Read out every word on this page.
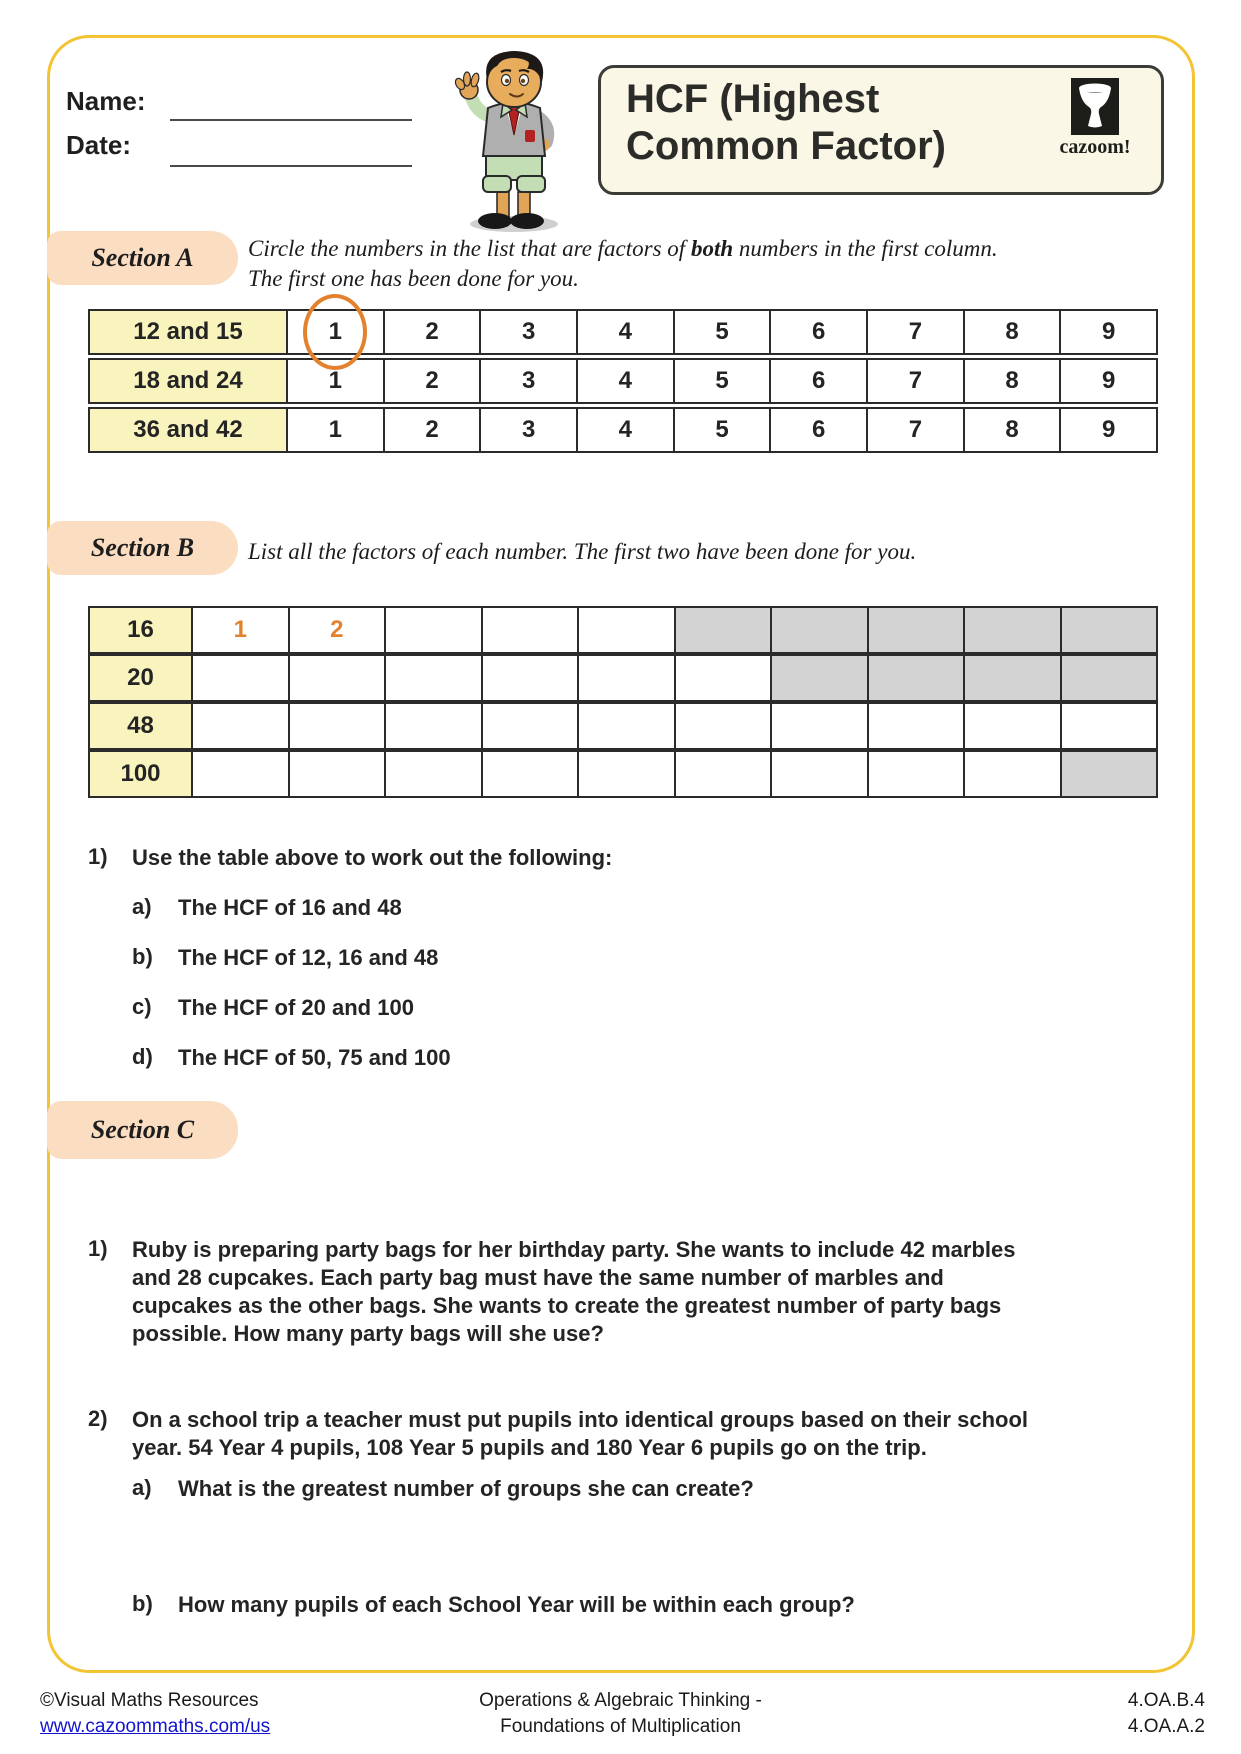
Name:
Date:
HCF (Highest
Common Factor)	cazoom!
Section A Circle the numbers in the list that are factors of both numbers in the first column.
The first one has been done for you.
12 and 15	1	2	3	4	5	6	7	8	9
18 and 24	1	2	3	4	5	6	7	8	9
36 and 42	1	2	3	4	5	6	7	8	9
Section B List all the factors of each number. The first two have been done for you.
16	1	2
20
48
100
1)	Use the table above to work out the following:
a)	The HCF of 16 and 48
b)	The HCF of 12, 16 and 48
c)	The HCF of 20 and 100
d)	The HCF of 50, 75 and 100
Section C
1)	Ruby is preparing party bags for her birthday party. She wants to include 42 marbles
and 28 cupcakes. Each party bag must have the same number of marbles and
cupcakes as the other bags. She wants to create the greatest number of party bags
possible. How many party bags will she use?
2)	On a school trip a teacher must put pupils into identical groups based on their school
year. 54 Year 4 pupils, 108 Year 5 pupils and 180 Year 6 pupils go on the trip.
a)	What is the greatest number of groups she can create?
b)	How many pupils of each School Year will be within each group?
©Visual Maths Resources
www.cazoommaths.com/us
Operations & Algebraic Thinking -
Foundations of Multiplication
4.OA.B.4
4.OA.A.2
